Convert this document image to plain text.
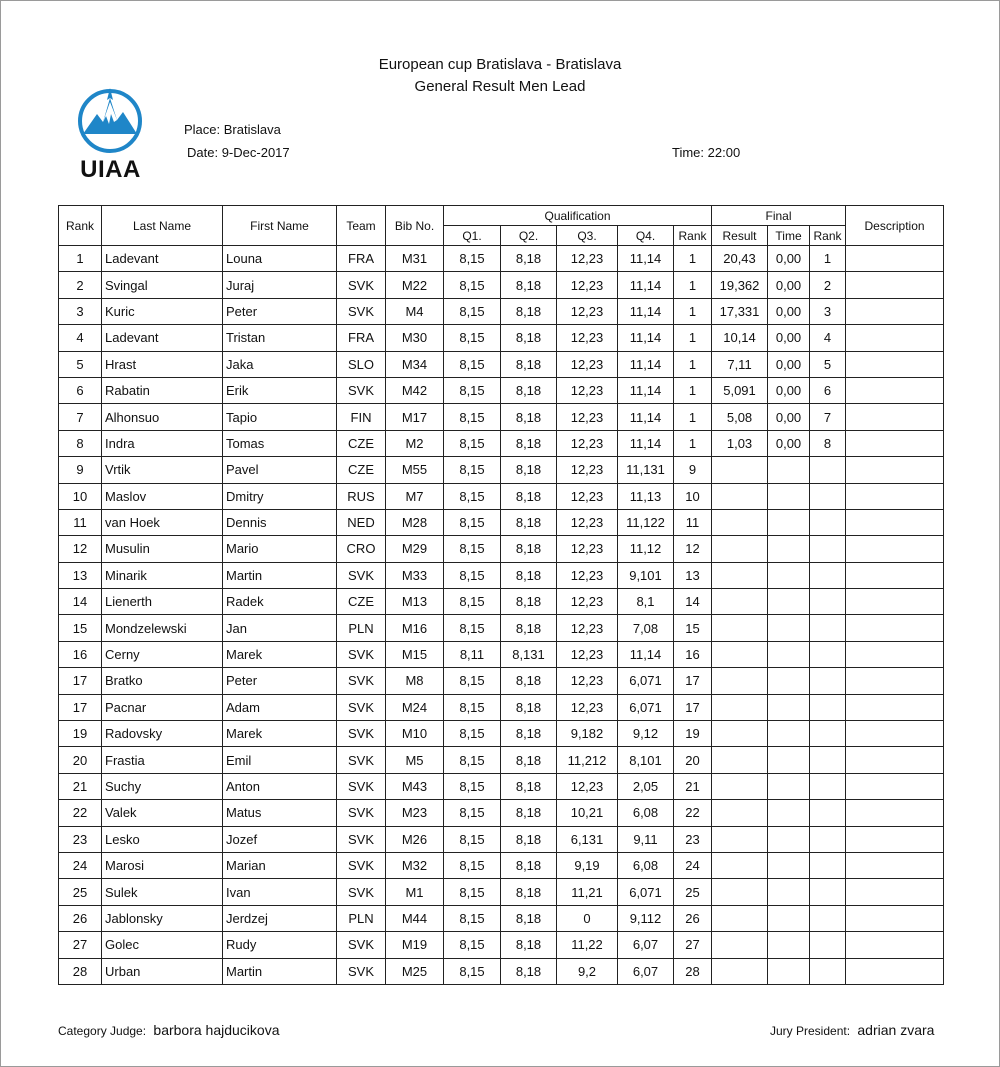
European cup Bratislava - Bratislava
General Result Men Lead
UIAA
Place: Bratislava
Date: 9-Dec-2017	Time: 22:00
Rank	Last Name	First Name	Team	Bib No.	Qualification					Final			Description
					Q1.	Q2.	Q3.	Q4.	Rank	Result	Time	Rank	
1	Ladevant	Louna	FRA	M31	8,15	8,18	12,23	11,14	1	20,43	0,00	1	
2	Svingal	Juraj	SVK	M22	8,15	8,18	12,23	11,14	1	19,362	0,00	2	
3	Kuric	Peter	SVK	M4	8,15	8,18	12,23	11,14	1	17,331	0,00	3	
4	Ladevant	Tristan	FRA	M30	8,15	8,18	12,23	11,14	1	10,14	0,00	4	
5	Hrast	Jaka	SLO	M34	8,15	8,18	12,23	11,14	1	7,11	0,00	5	
6	Rabatin	Erik	SVK	M42	8,15	8,18	12,23	11,14	1	5,091	0,00	6	
7	Alhonsuo	Tapio	FIN	M17	8,15	8,18	12,23	11,14	1	5,08	0,00	7	
8	Indra	Tomas	CZE	M2	8,15	8,18	12,23	11,14	1	1,03	0,00	8	
9	Vrtik	Pavel	CZE	M55	8,15	8,18	12,23	11,131	9				
10	Maslov	Dmitry	RUS	M7	8,15	8,18	12,23	11,13	10				
11	van Hoek	Dennis	NED	M28	8,15	8,18	12,23	11,122	11				
12	Musulin	Mario	CRO	M29	8,15	8,18	12,23	11,12	12				
13	Minarik	Martin	SVK	M33	8,15	8,18	12,23	9,101	13				
14	Lienerth	Radek	CZE	M13	8,15	8,18	12,23	8,1	14				
15	Mondzelewski	Jan	PLN	M16	8,15	8,18	12,23	7,08	15				
16	Cerny	Marek	SVK	M15	8,11	8,131	12,23	11,14	16				
17	Bratko	Peter	SVK	M8	8,15	8,18	12,23	6,071	17				
17	Pacnar	Adam	SVK	M24	8,15	8,18	12,23	6,071	17				
19	Radovsky	Marek	SVK	M10	8,15	8,18	9,182	9,12	19				
20	Frastia	Emil	SVK	M5	8,15	8,18	11,212	8,101	20				
21	Suchy	Anton	SVK	M43	8,15	8,18	12,23	2,05	21				
22	Valek	Matus	SVK	M23	8,15	8,18	10,21	6,08	22				
23	Lesko	Jozef	SVK	M26	8,15	8,18	6,131	9,11	23				
24	Marosi	Marian	SVK	M32	8,15	8,18	9,19	6,08	24				
25	Sulek	Ivan	SVK	M1	8,15	8,18	11,21	6,071	25				
26	Jablonsky	Jerdzej	PLN	M44	8,15	8,18	0	9,112	26				
27	Golec	Rudy	SVK	M19	8,15	8,18	11,22	6,07	27				
28	Urban	Martin	SVK	M25	8,15	8,18	9,2	6,07	28				
Category Judge: barbora hajducikova	Jury President: adrian zvara
